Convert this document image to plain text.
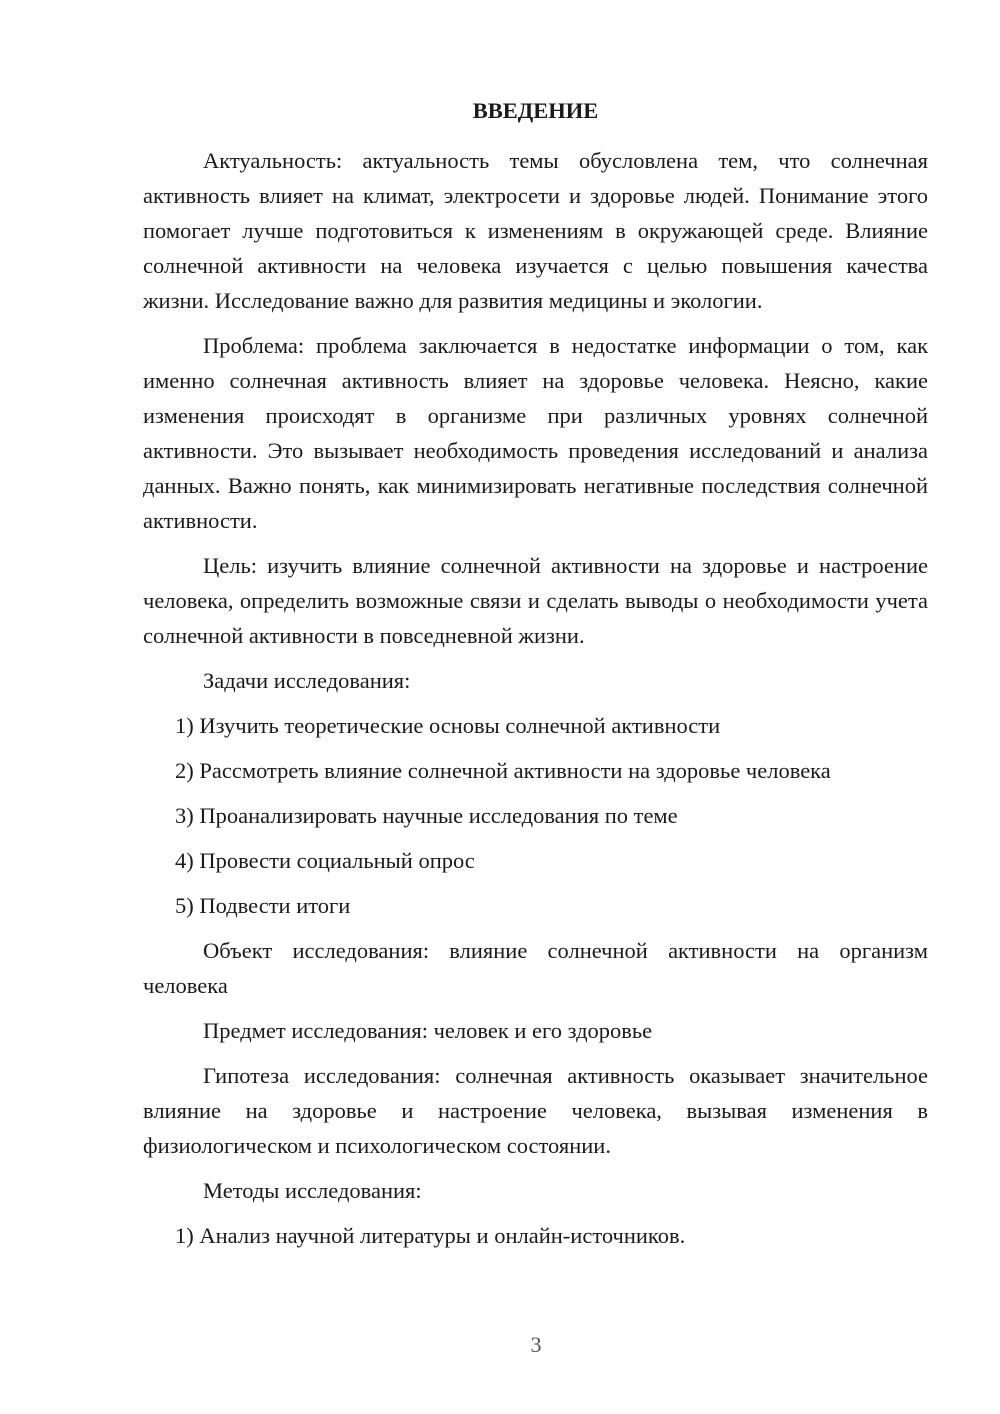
ВВЕДЕНИЕ

Актуальность: актуальность темы обусловлена тем, что солнечная активность влияет на климат, электросети и здоровье людей. Понимание этого помогает лучше подготовиться к изменениям в окружающей среде. Влияние солнечной активности на человека изучается с целью повышения качества жизни. Исследование важно для развития медицины и экологии.

Проблема: проблема заключается в недостатке информации о том, как именно солнечная активность влияет на здоровье человека. Неясно, какие изменения происходят в организме при различных уровнях солнечной активности. Это вызывает необходимость проведения исследований и анализа данных. Важно понять, как минимизировать негативные последствия солнечной активности.

Цель: изучить влияние солнечной активности на здоровье и настроение человека, определить возможные связи и сделать выводы о необходимости учета солнечной активности в повседневной жизни.

Задачи исследования:

1) Изучить теоретические основы солнечной активности
2) Рассмотреть влияние солнечной активности на здоровье человека
3) Проанализировать научные исследования по теме
4) Провести социальный опрос
5) Подвести итоги

Объект исследования: влияние солнечной активности на организм человека

Предмет исследования: человек и его здоровье

Гипотеза исследования: солнечная активность оказывает значительное влияние на здоровье и настроение человека, вызывая изменения в физиологическом и психологическом состоянии.

Методы исследования:

1) Анализ научной литературы и онлайн-источников.
3
